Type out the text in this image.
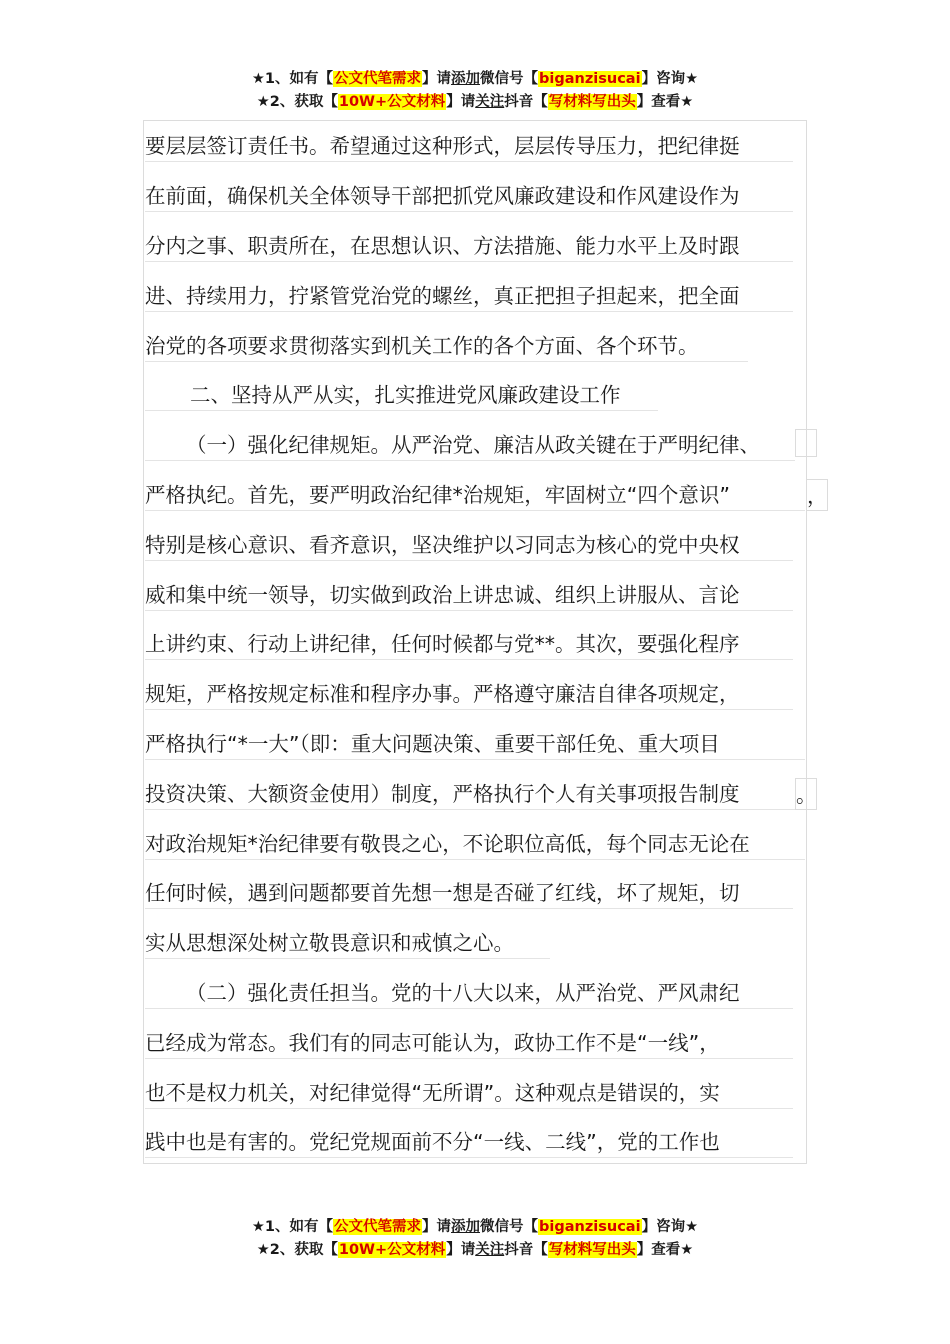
★1、如有【公文代笔需求】请添加微信号【biganzisucai】咨询★
★2、获取【10W+公文材料】请关注抖音【写材料写出头】查看★
要层层签订责任书。希望通过这种形式，层层传导压力，把纪律挺
在前面，确保机关全体领导干部把抓党风廉政建设和作风建设作为
分内之事、职责所在，在思想认识、方法措施、能力水平上及时跟
进、持续用力，拧紧管党治党的螺丝，真正把担子担起来，把全面
治党的各项要求贯彻落实到机关工作的各个方面、各个环节。
二、坚持从严从实，扎实推进党风廉政建设工作
（一）强化纪律规矩。从严治党、廉洁从政关键在于严明纪律、
严格执纪。首先，要严明政治纪律*治规矩，牢固树立“四个意识”	，
特别是核心意识、看齐意识，坚决维护以习同志为核心的党中央权
威和集中统一领导，切实做到政治上讲忠诚、组织上讲服从、言论
上讲约束、行动上讲纪律，任何时候都与党**。其次，要强化程序
规矩，严格按规定标准和程序办事。严格遵守廉洁自律各项规定，
严格执行“*一大”（即：重大问题决策、重要干部任免、重大项目
投资决策、大额资金使用）制度，严格执行个人有关事项报告制度	。
对政治规矩*治纪律要有敬畏之心，不论职位高低，每个同志无论在
任何时候，遇到问题都要首先想一想是否碰了红线，坏了规矩，切
实从思想深处树立敬畏意识和戒慎之心。
（二）强化责任担当。党的十八大以来，从严治党、严风肃纪
已经成为常态。我们有的同志可能认为，政协工作不是“一线”，
也不是权力机关，对纪律觉得“无所谓”。这种观点是错误的，实
践中也是有害的。党纪党规面前不分“一线、二线”，党的工作也
★1、如有【公文代笔需求】请添加微信号【biganzisucai】咨询★
★2、获取【10W+公文材料】请关注抖音【写材料写出头】查看★
